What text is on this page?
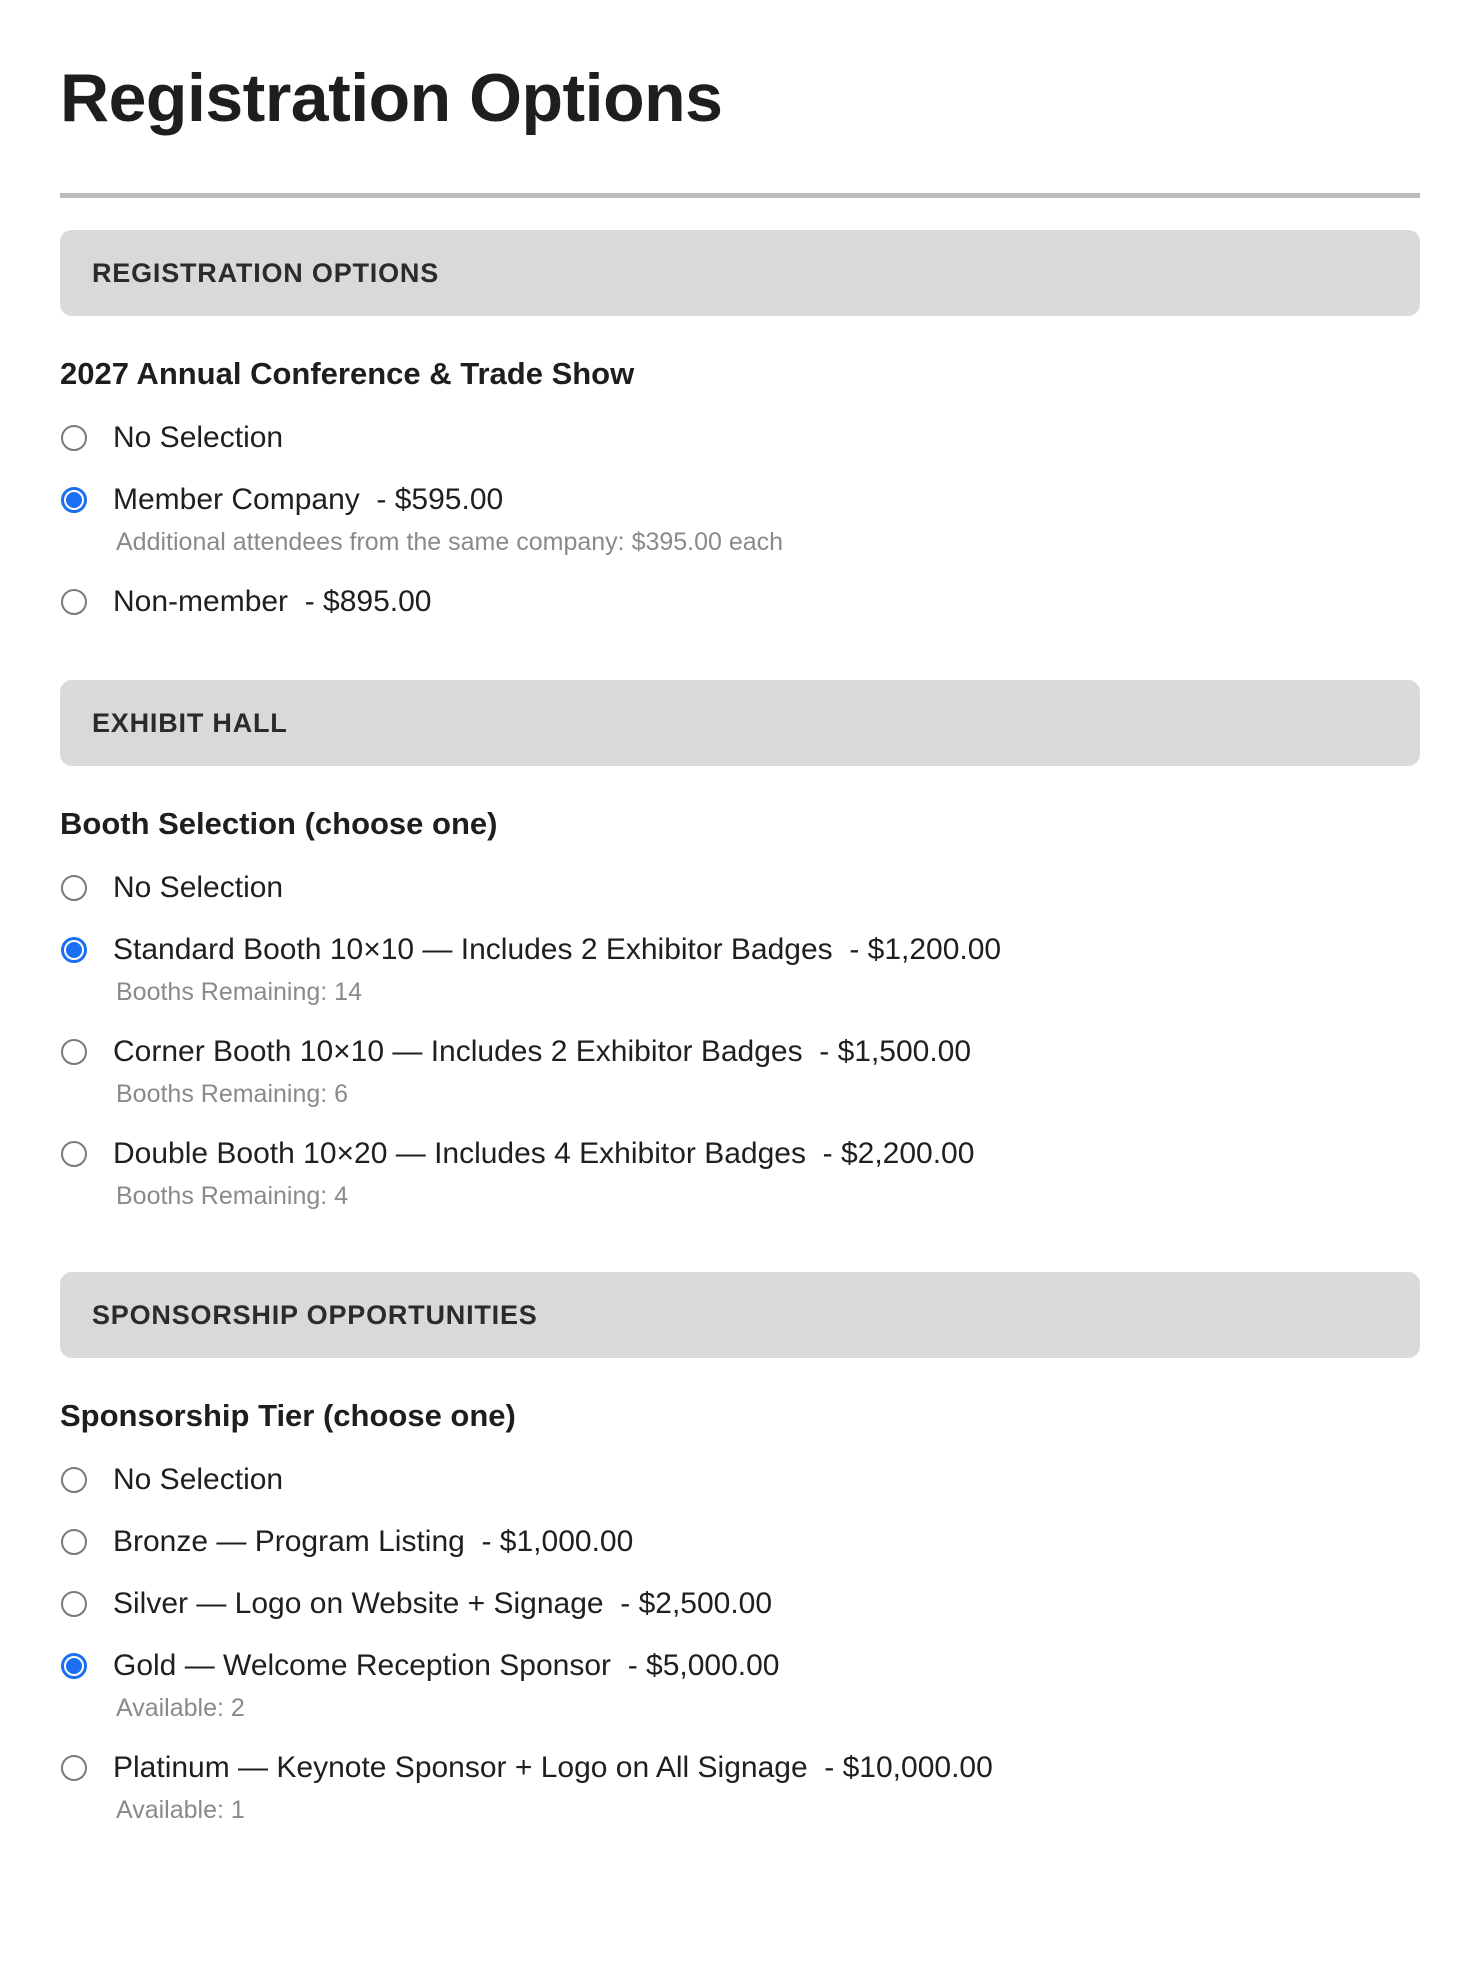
Registration Options
REGISTRATION OPTIONS
2027 Annual Conference & Trade Show
No Selection
Member Company  - $595.00
Additional attendees from the same company: $395.00 each
Non-member  - $895.00
EXHIBIT HALL
Booth Selection (choose one)
No Selection
Standard Booth 10×10 — Includes 2 Exhibitor Badges  - $1,200.00
Booths Remaining: 14
Corner Booth 10×10 — Includes 2 Exhibitor Badges  - $1,500.00
Booths Remaining: 6
Double Booth 10×20 — Includes 4 Exhibitor Badges  - $2,200.00
Booths Remaining: 4
SPONSORSHIP OPPORTUNITIES
Sponsorship Tier (choose one)
No Selection
Bronze — Program Listing  - $1,000.00
Silver — Logo on Website + Signage  - $2,500.00
Gold — Welcome Reception Sponsor  - $5,000.00
Available: 2
Platinum — Keynote Sponsor + Logo on All Signage  - $10,000.00
Available: 1
